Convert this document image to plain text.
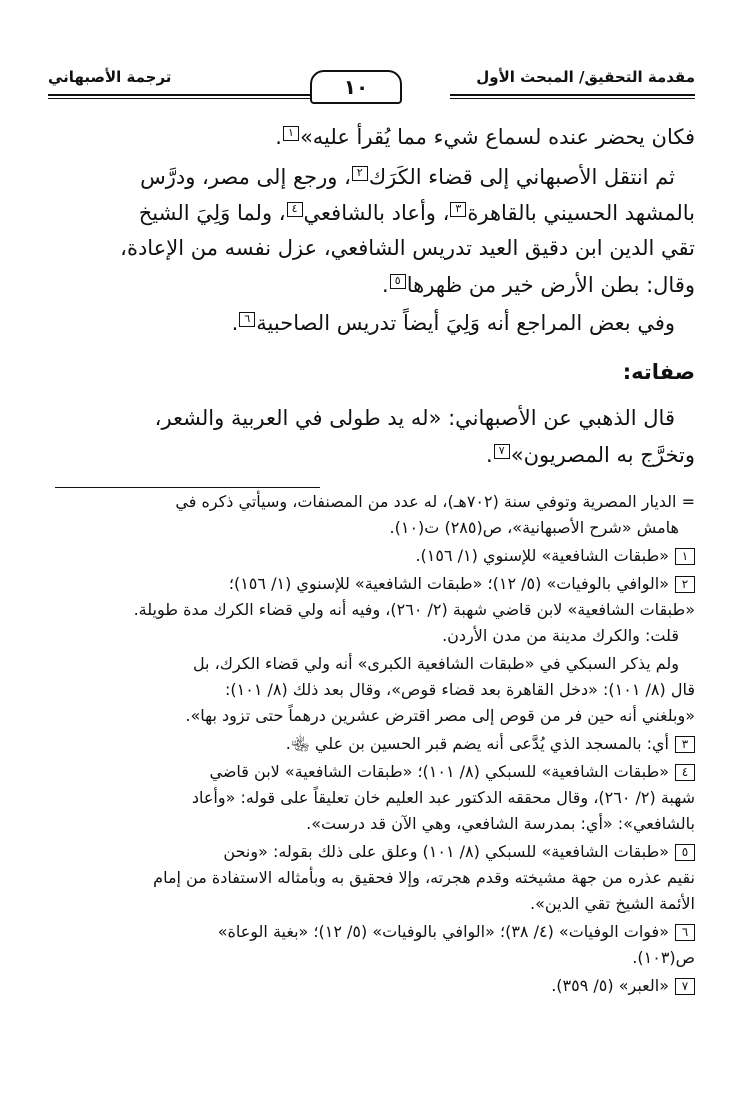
مقدمة التحقيق/ المبحث الأول
١٠
ترجمة الأصبهاني
فكان يحضر عنده لسماع شيء مما يُقرأ عليه»١.
ثم انتقل الأصبهاني إلى قضاء الكَرَك٢، ورجع إلى مصر، ودرَّس
بالمشهد الحسيني بالقاهرة٣، وأعاد بالشافعي٤، ولما وَلِيَ الشيخ
تقي الدين ابن دقيق العيد تدريس الشافعي، عزل نفسه من الإعادة،
وقال: بطن الأرض خير من ظهرها٥.
وفي بعض المراجع أنه وَلِيَ أيضاً تدريس الصاحبية٦.
صفاته:
قال الذهبي عن الأصبهاني: «له يد طولى في العربية والشعر،
وتخرَّج به المصريون»٧.
= الديار المصرية وتوفي سنة (٧٠٢هـ)، له عدد من المصنفات، وسيأتي ذكره في
هامش «شرح الأصبهانية»، ص(٢٨٥) ت(١٠).
١«طبقات الشافعية» للإسنوي (١/ ١٥٦).
٢«الوافي بالوفيات» (٥/ ١٢)؛ «طبقات الشافعية» للإسنوي (١/ ١٥٦)؛
«طبقات الشافعية» لابن قاضي شهبة (٢/ ٢٦٠)، وفيه أنه ولي قضاء الكرك مدة طويلة.
قلت: والكرك مدينة من مدن الأردن.
ولم يذكر السبكي في «طبقات الشافعية الكبرى» أنه ولي قضاء الكرك، بل
قال (٨/ ١٠١): «دخل القاهرة بعد قضاء قوص»، وقال بعد ذلك (٨/ ١٠١):
«وبلغني أنه حين فر من قوص إلى مصر اقترض عشرين درهماً حتى تزود بها».
٣أي: بالمسجد الذي يُدَّعى أنه يضم قبر الحسين بن علي ﵄.
٤«طبقات الشافعية» للسبكي (٨/ ١٠١)؛ «طبقات الشافعية» لابن قاضي
شهبة (٢/ ٢٦٠)، وقال محققه الدكتور عبد العليم خان تعليقاً على قوله: «وأعاد
بالشافعي»: «أي: بمدرسة الشافعي، وهي الآن قد درست».
٥«طبقات الشافعية» للسبكي (٨/ ١٠١) وعلق على ذلك بقوله: «ونحن
نقيم عذره من جهة مشيخته وقدم هجرته، وإلا فحقيق به وبأمثاله الاستفادة من إمام
الأئمة الشيخ تقي الدين».
٦«فوات الوفيات» (٤/ ٣٨)؛ «الوافي بالوفيات» (٥/ ١٢)؛ «بغية الوعاة»
ص(١٠٣).
٧«العبر» (٥/ ٣٥٩).
